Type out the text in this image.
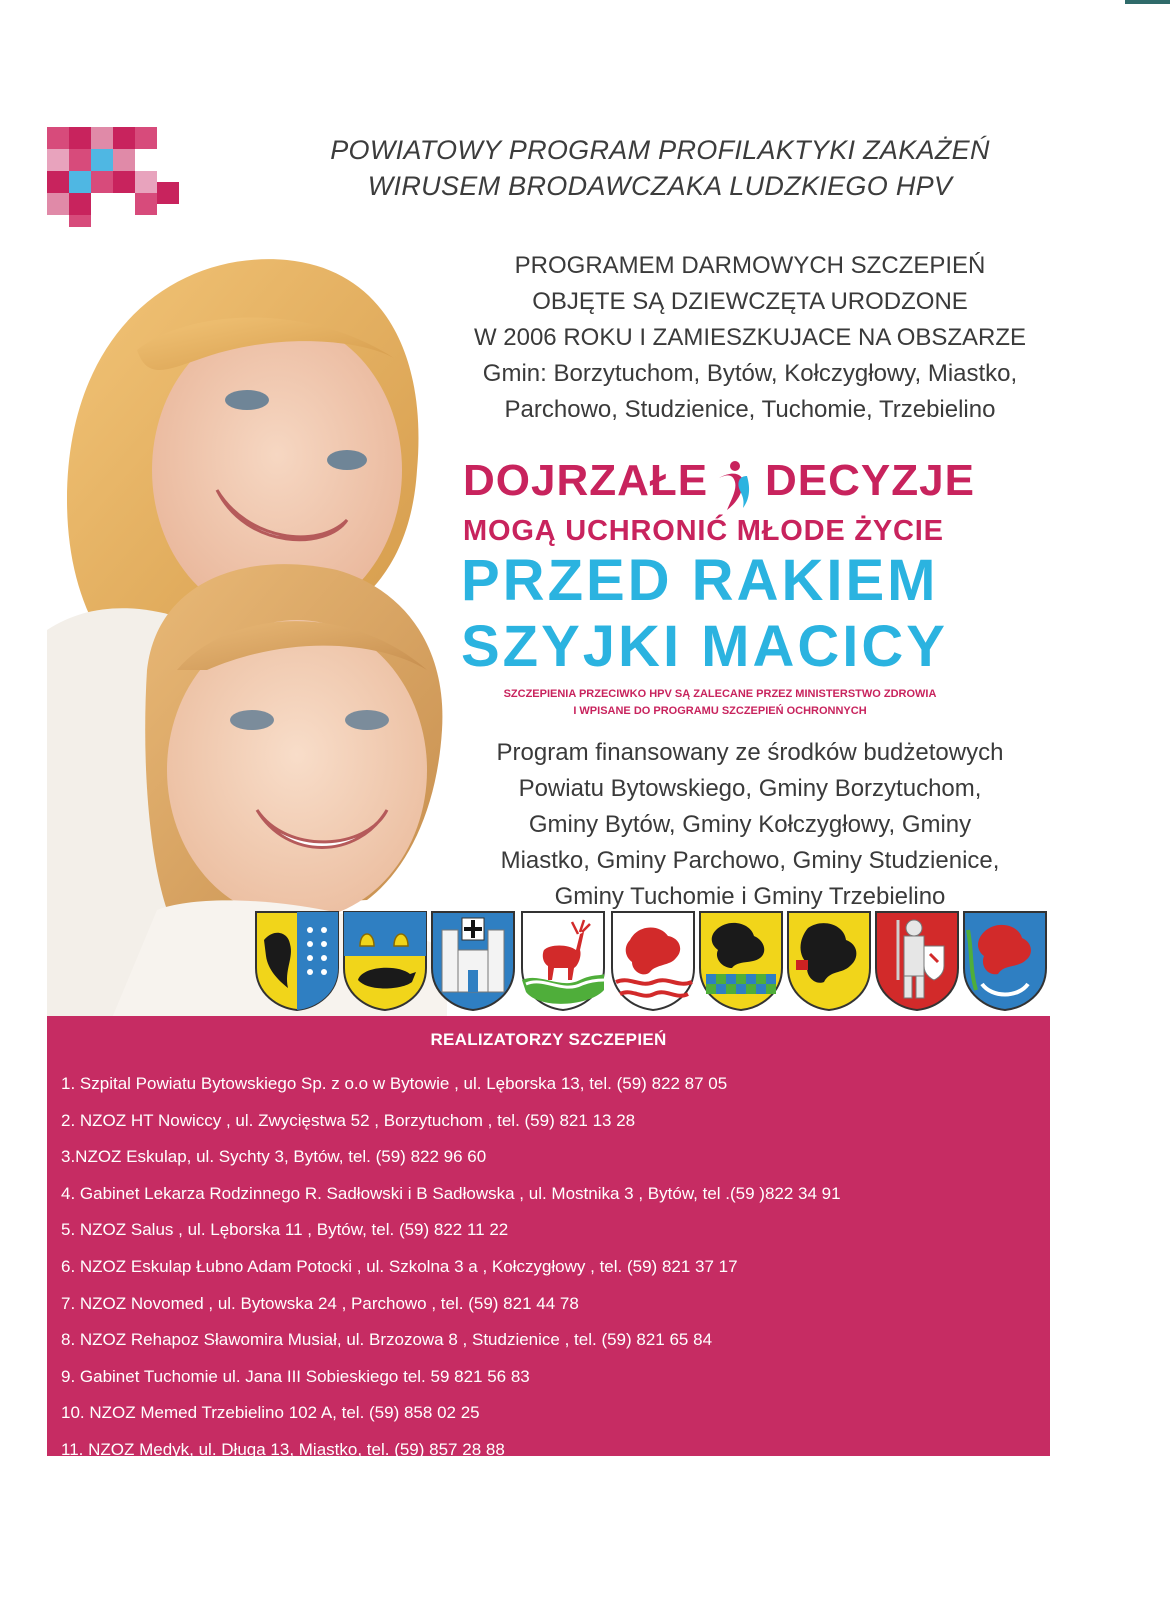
POWIATOWY PROGRAM PROFILAKTYKI ZAKAŻEŃ
WIRUSEM BRODAWCZAKA LUDZKIEGO HPV
PROGRAMEM DARMOWYCH SZCZEPIEŃ
OBJĘTE SĄ DZIEWCZĘTA URODZONE
W 2006 ROKU I ZAMIESZKUJACE NA OBSZARZE
Gmin: Borzytuchom, Bytów, Kołczygłowy, Miastko,
Parchowo, Studzienice, Tuchomie, Trzebielino
DOJRZAŁE DECYZJE
MOGĄ UCHRONIĆ MŁODE ŻYCIE
PRZED RAKIEM
SZYJKI MACICY
SZCZEPIENIA PRZECIWKO HPV SĄ ZALECANE PRZEZ MINISTERSTWO ZDROWIA
I WPISANE DO PROGRAMU SZCZEPIEŃ OCHRONNYCH
Program finansowany ze środków budżetowych
Powiatu Bytowskiego, Gminy Borzytuchom,
Gminy Bytów, Gminy Kołczygłowy, Gminy
Miastko, Gminy Parchowo, Gminy Studzienice,
Gminy Tuchomie i Gminy Trzebielino
REALIZATORZY SZCZEPIEŃ
1. Szpital Powiatu Bytowskiego Sp. z o.o w Bytowie , ul. Lęborska 13, tel. (59) 822 87 05
2. NZOZ HT Nowiccy , ul. Zwycięstwa 52 , Borzytuchom , tel. (59) 821 13 28
3.NZOZ Eskulap, ul. Sychty 3, Bytów, tel. (59) 822 96 60
4. Gabinet Lekarza Rodzinnego R. Sadłowski i B Sadłowska , ul. Mostnika 3 , Bytów, tel .(59 )822 34 91
5. NZOZ Salus , ul. Lęborska 11 , Bytów, tel. (59) 822 11 22
6. NZOZ Eskulap Łubno Adam Potocki , ul. Szkolna 3 a , Kołczygłowy , tel. (59) 821 37 17
7. NZOZ Novomed , ul. Bytowska 24 , Parchowo , tel. (59) 821 44 78
8. NZOZ Rehapoz Sławomira Musiał, ul. Brzozowa 8 , Studzienice , tel. (59) 821 65 84
9. Gabinet Tuchomie ul. Jana III Sobieskiego tel. 59 821 56 83
10. NZOZ Memed Trzebielino 102 A, tel. (59) 858 02 25
11. NZOZ Medyk, ul. Długa 13, Miastko, tel. (59) 857 28 88
